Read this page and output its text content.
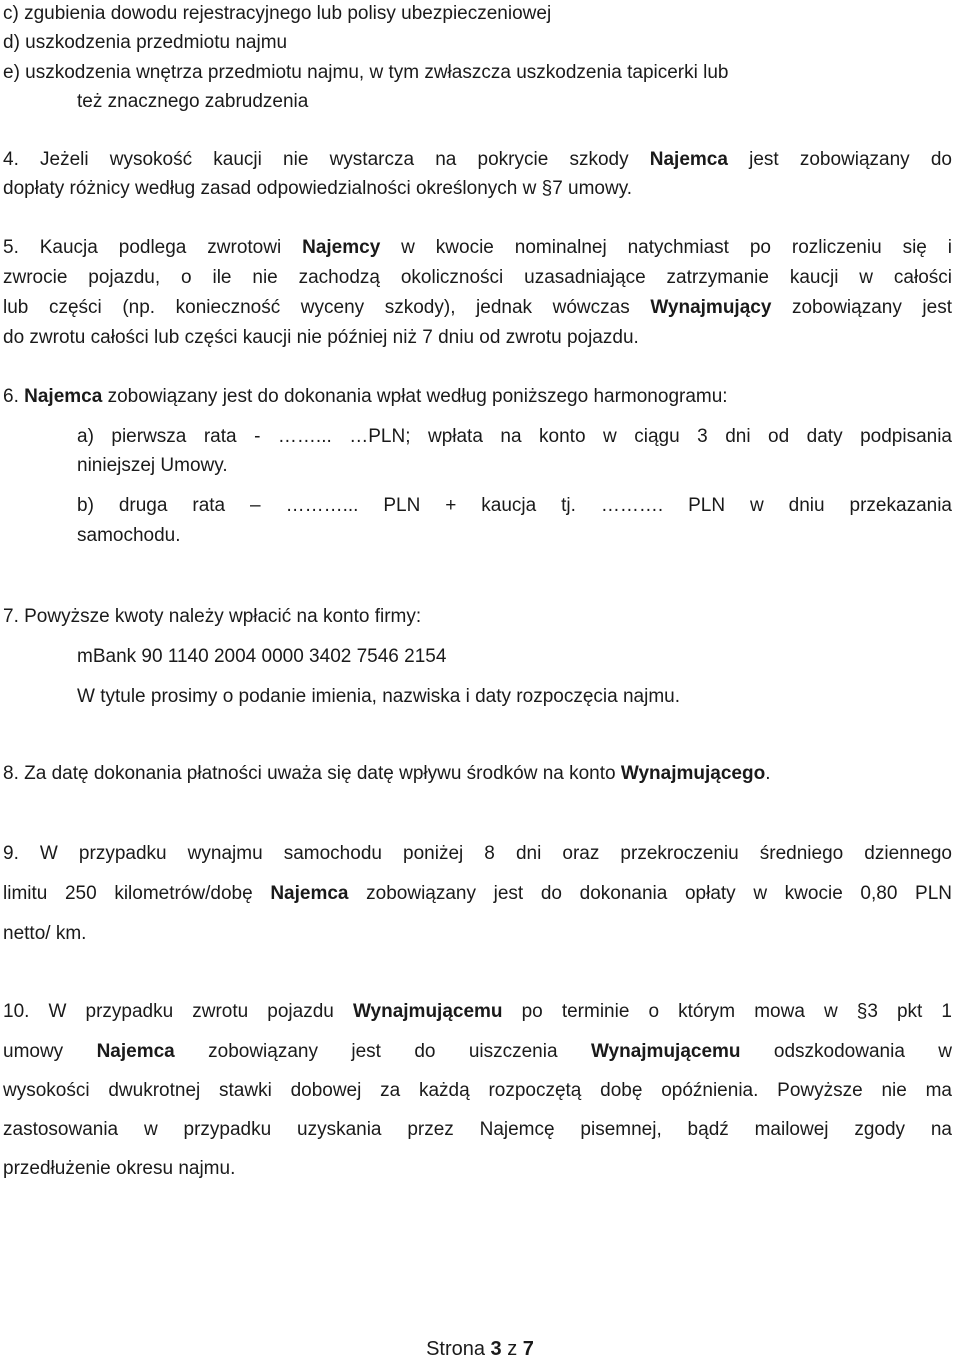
c) zgubienia dowodu rejestracyjnego lub polisy ubezpieczeniowej
d) uszkodzenia przedmiotu najmu
e) uszkodzenia wnętrza przedmiotu najmu, w tym zwłaszcza uszkodzenia tapicerki lub
też znacznego zabrudzenia
4. Jeżeli wysokość kaucji nie wystarcza na pokrycie szkody Najemca jest zobowiązany do
dopłaty różnicy według zasad odpowiedzialności określonych w §7 umowy.
5. Kaucja podlega zwrotowi Najemcy w kwocie nominalnej natychmiast po rozliczeniu się i
zwrocie pojazdu, o ile nie zachodzą okoliczności uzasadniające zatrzymanie kaucji w całości
lub części (np. konieczność wyceny szkody), jednak wówczas Wynajmujący zobowiązany jest
do zwrotu całości lub części kaucji nie później niż 7 dniu od zwrotu pojazdu.
6. Najemca zobowiązany jest do dokonania wpłat według poniższego harmonogramu:
a) pierwsza rata - ……... …PLN; wpłata na konto w ciągu 3 dni od daty podpisania
niniejszej Umowy.
b) druga rata – ………... PLN + kaucja tj. ………. PLN w dniu przekazania
samochodu.
7. Powyższe kwoty należy wpłacić na konto firmy:
mBank 90 1140 2004 0000 3402 7546 2154
W tytule prosimy o podanie imienia, nazwiska i daty rozpoczęcia najmu.
8. Za datę dokonania płatności uważa się datę wpływu środków na konto Wynajmującego.
9. W przypadku wynajmu samochodu poniżej 8 dni oraz przekroczeniu średniego dziennego
limitu 250 kilometrów/dobę Najemca zobowiązany jest do dokonania opłaty w kwocie 0,80 PLN
netto/ km.
10. W przypadku zwrotu pojazdu Wynajmującemu po terminie o którym mowa w §3 pkt 1
umowy Najemca zobowiązany jest do uiszczenia Wynajmującemu odszkodowania w
wysokości dwukrotnej stawki dobowej za każdą rozpoczętą dobę opóźnienia. Powyższe nie ma
zastosowania w przypadku uzyskania przez Najemcę pisemnej, bądź mailowej zgody na
przedłużenie okresu najmu.
Strona 3 z 7
